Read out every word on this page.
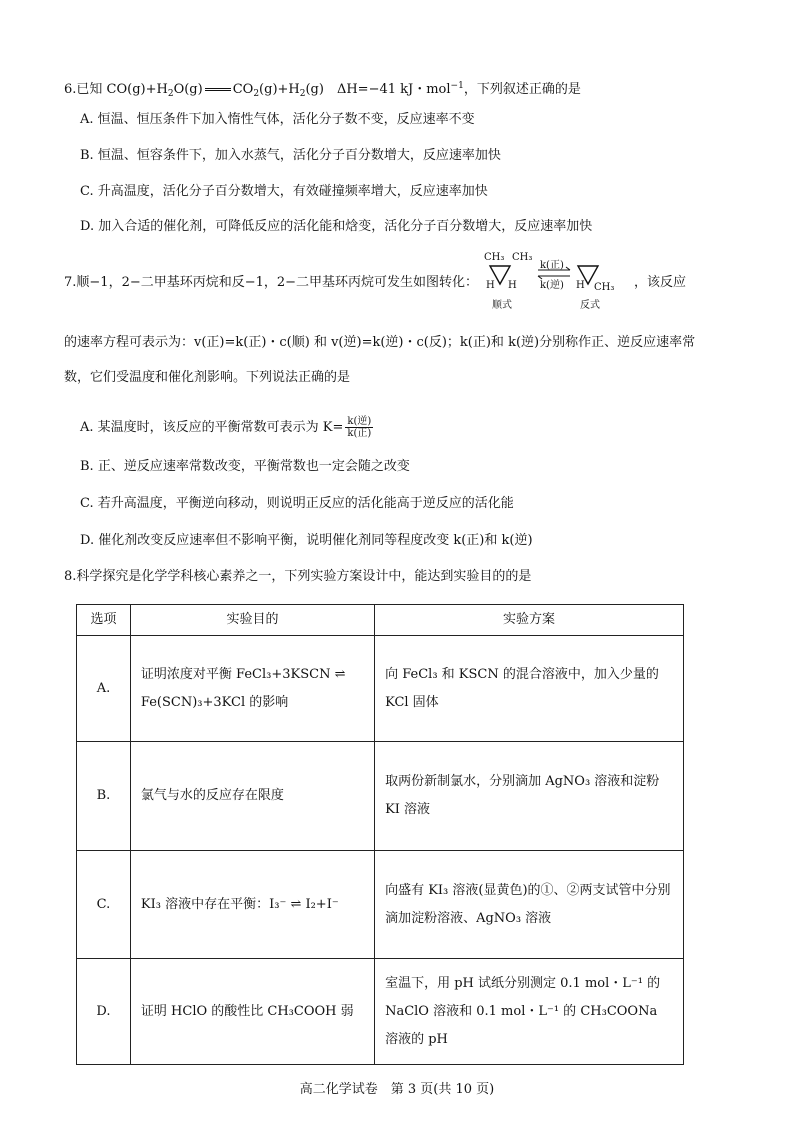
6.已知 $CO(g)+H_2O(g)$ $CO_2(g)+H_2(g)$　ΔH=−41 kJ・mol$^{-1}$，下列叙述正确的是
A. 恒温、恒压条件下加入惰性气体，活化分子数不变，反应速率不变
B. 恒温、恒容条件下，加入水蒸气，活化分子百分数增大，反应速率加快
C. 升高温度，活化分子百分数增大，有效碰撞频率增大，反应速率加快
D. 加入合适的催化剂，可降低反应的活化能和焓变，活化分子百分数增大，反应速率加快
7.顺−1，2−二甲基环丙烷和反−1，2−二甲基环丙烷可发生如图转化：
CH₃ CH₃
H H
k(正)
k(逆) H CH₃
顺式	反式
，该反应
的速率方程可表示为：v(正)=k(正)・c(顺) 和 v(逆)=k(逆)・c(反)；k(正)和 k(逆)分别称作正、逆反应速率常
数，它们受温度和催化剂影响。下列说法正确的是
A. 某温度时，该反应的平衡常数可表示为 $K= \frac{\text{k(逆)}}{\text{k(正)}}$
B. 正、逆反应速率常数改变，平衡常数也一定会随之改变
C. 若升高温度，平衡逆向移动，则说明正反应的活化能高于逆反应的活化能
D. 催化剂改变反应速率但不影响平衡，说明催化剂同等程度改变 k(正)和 k(逆)
8.科学探究是化学学科核心素养之一，下列实验方案设计中，能达到实验目的的是
选项	实验目的	实验方案
A.	证明浓度对平衡 FeCl₃+3KSCN ⇌ Fe(SCN)₃+3KCl 的影响	向 FeCl₃ 和 KSCN 的混合溶液中，加入少量的 KCl 固体
B.	氯气与水的反应存在限度	取两份新制氯水，分别滴加 AgNO₃ 溶液和淀粉 KI 溶液
C.	KI₃ 溶液中存在平衡：I₃⁻ ⇌ I₂+I⁻	向盛有 KI₃ 溶液(显黄色)的①、②两支试管中分别滴加淀粉溶液、AgNO₃ 溶液
D.	证明 HClO 的酸性比 CH₃COOH 弱	室温下，用 pH 试纸分别测定 0.1 mol・L⁻¹ 的 NaClO 溶液和 0.1 mol・L⁻¹ 的 CH₃COONa 溶液的 pH
高二化学试卷　第 3 页(共 10 页)
